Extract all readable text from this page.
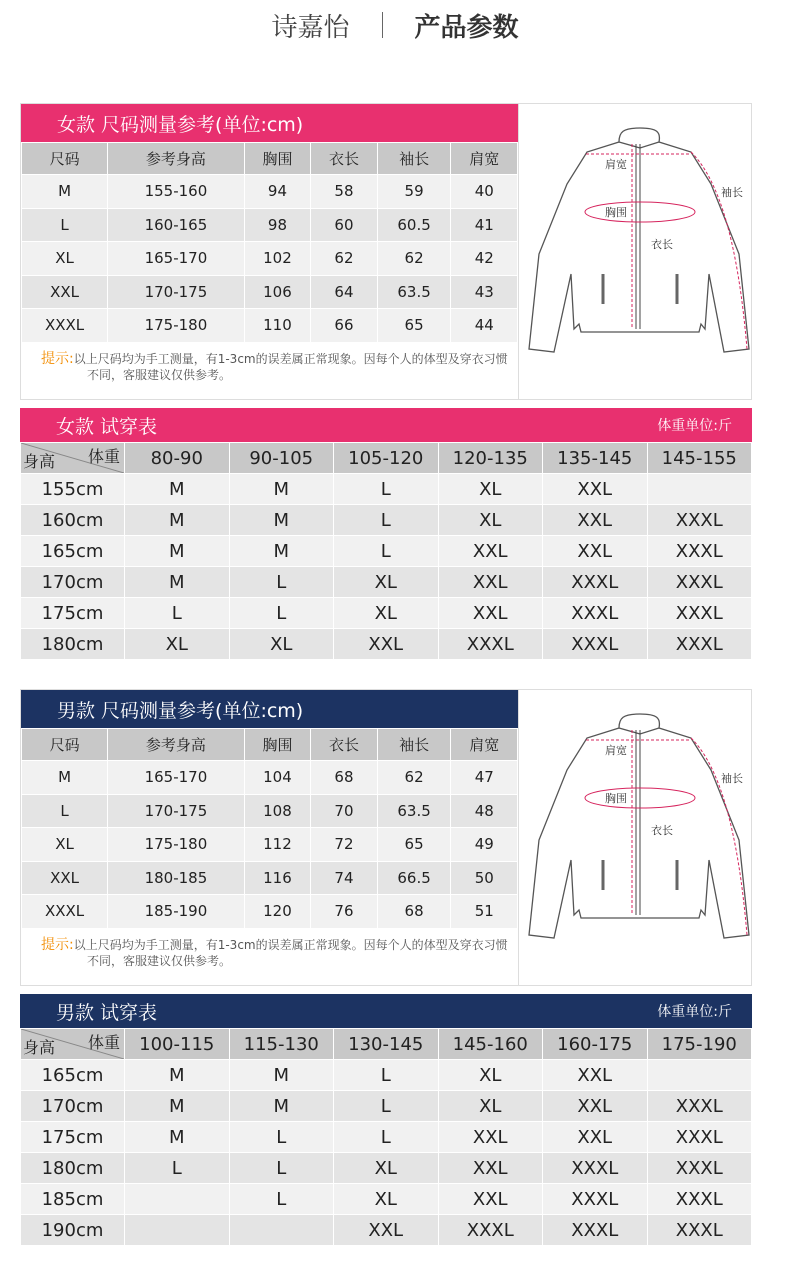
诗嘉怡	产品参数
女款 尺码测量参考(单位:cm)
尺码	参考身高	胸围	衣长	袖长	肩宽
M	155-160	94	58	59	40
L	160-165	98	60	60.5	41
XL	165-170	102	62	62	42
XXL	170-175	106	64	63.5	43
XXXL	175-180	110	66	65	44
提示:以上尺码均为手工测量，有1-3cm的误差属正常现象。因每个人的体型及穿衣习惯不同，客服建议仅供参考。
肩宽
胸围
衣长
袖长
女款 试穿表	体重单位:斤
体重
身高	80-90	90-105	105-120	120-135	135-145	145-155
155cm	M	M	L	XL	XXL	
160cm	M	M	L	XL	XXL	XXXL
165cm	M	M	L	XXL	XXL	XXXL
170cm	M	L	XL	XXL	XXXL	XXXL
175cm	L	L	XL	XXL	XXXL	XXXL
180cm	XL	XL	XXL	XXXL	XXXL	XXXL
男款 尺码测量参考(单位:cm)
尺码	参考身高	胸围	衣长	袖长	肩宽
M	165-170	104	68	62	47
L	170-175	108	70	63.5	48
XL	175-180	112	72	65	49
XXL	180-185	116	74	66.5	50
XXXL	185-190	120	76	68	51
提示:以上尺码均为手工测量，有1-3cm的误差属正常现象。因每个人的体型及穿衣习惯不同，客服建议仅供参考。
肩宽
胸围
衣长
袖长
男款 试穿表	体重单位:斤
体重
身高	100-115	115-130	130-145	145-160	160-175	175-190
165cm	M	M	L	XL	XXL	
170cm	M	M	L	XL	XXL	XXXL
175cm	M	L	L	XXL	XXL	XXXL
180cm	L	L	XL	XXL	XXXL	XXXL
185cm		L	XL	XXL	XXXL	XXXL
190cm			XXL	XXXL	XXXL	XXXL
